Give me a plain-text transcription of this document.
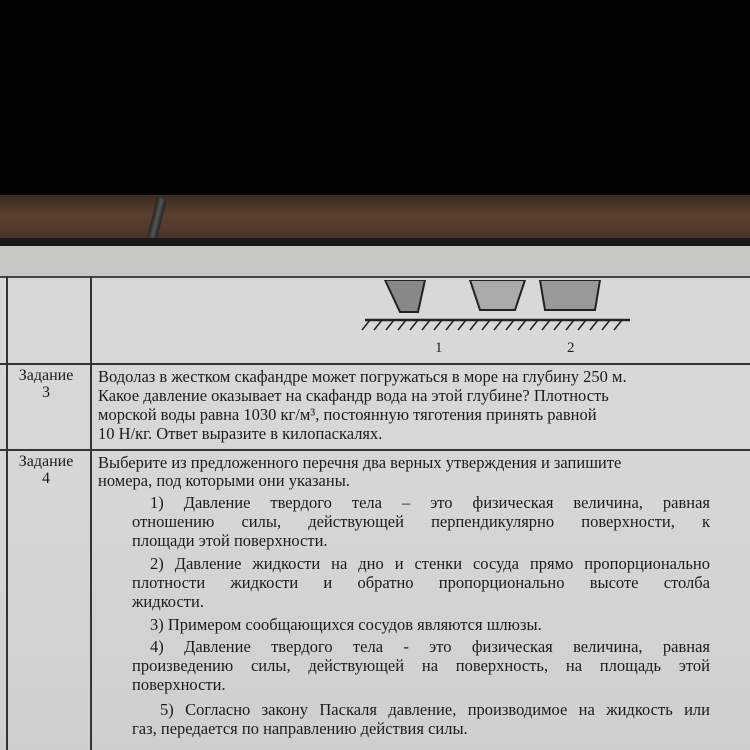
1	2
Задание
3
Водолаз в жестком скафандре может погружаться в море на глубину 250 м.
Какое давление оказывает на скафандр вода на этой глубине? Плотность
морской воды равна 1030 кг/м³, постоянную тяготения принять равной
10 Н/кг. Ответ выразите в килопаскалях.
Задание
4
Выберите из предложенного перечня два верных утверждения и запишите
номера, под которыми они указаны.
1) Давление твердого тела – это физическая величина, равная
отношению силы, действующей перпендикулярно поверхности, к
площади этой поверхности.
2) Давление жидкости на дно и стенки сосуда прямо пропорционально
плотности жидкости и обратно пропорционально высоте столба
жидкости.
3) Примером сообщающихся сосудов являются шлюзы.
4) Давление твердого тела - это физическая величина, равная
произведению силы, действующей на поверхность, на площадь этой
поверхности.
5) Согласно закону Паскаля давление, производимое на жидкость или
газ, передается по направлению действия силы.
